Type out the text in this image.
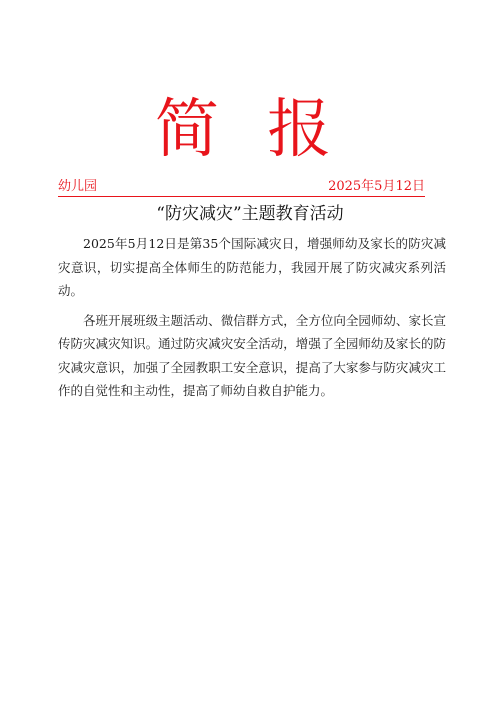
简 报
幼儿园	2025年5月12日
“防灾减灾”主题教育活动

2025年5月12日是第35个国际减灾日，增强师幼及家长的防灾减灾意识，切实提高全体师生的防范能力，我园开展了防灾减灾系列活动。

各班开展班级主题活动、微信群方式，全方位向全园师幼、家长宣传防灾减灾知识。通过防灾减灾安全活动，增强了全园师幼及家长的防灾减灾意识，加强了全园教职工安全意识，提高了大家参与防灾减灾工作的自觉性和主动性，提高了师幼自救自护能力。
